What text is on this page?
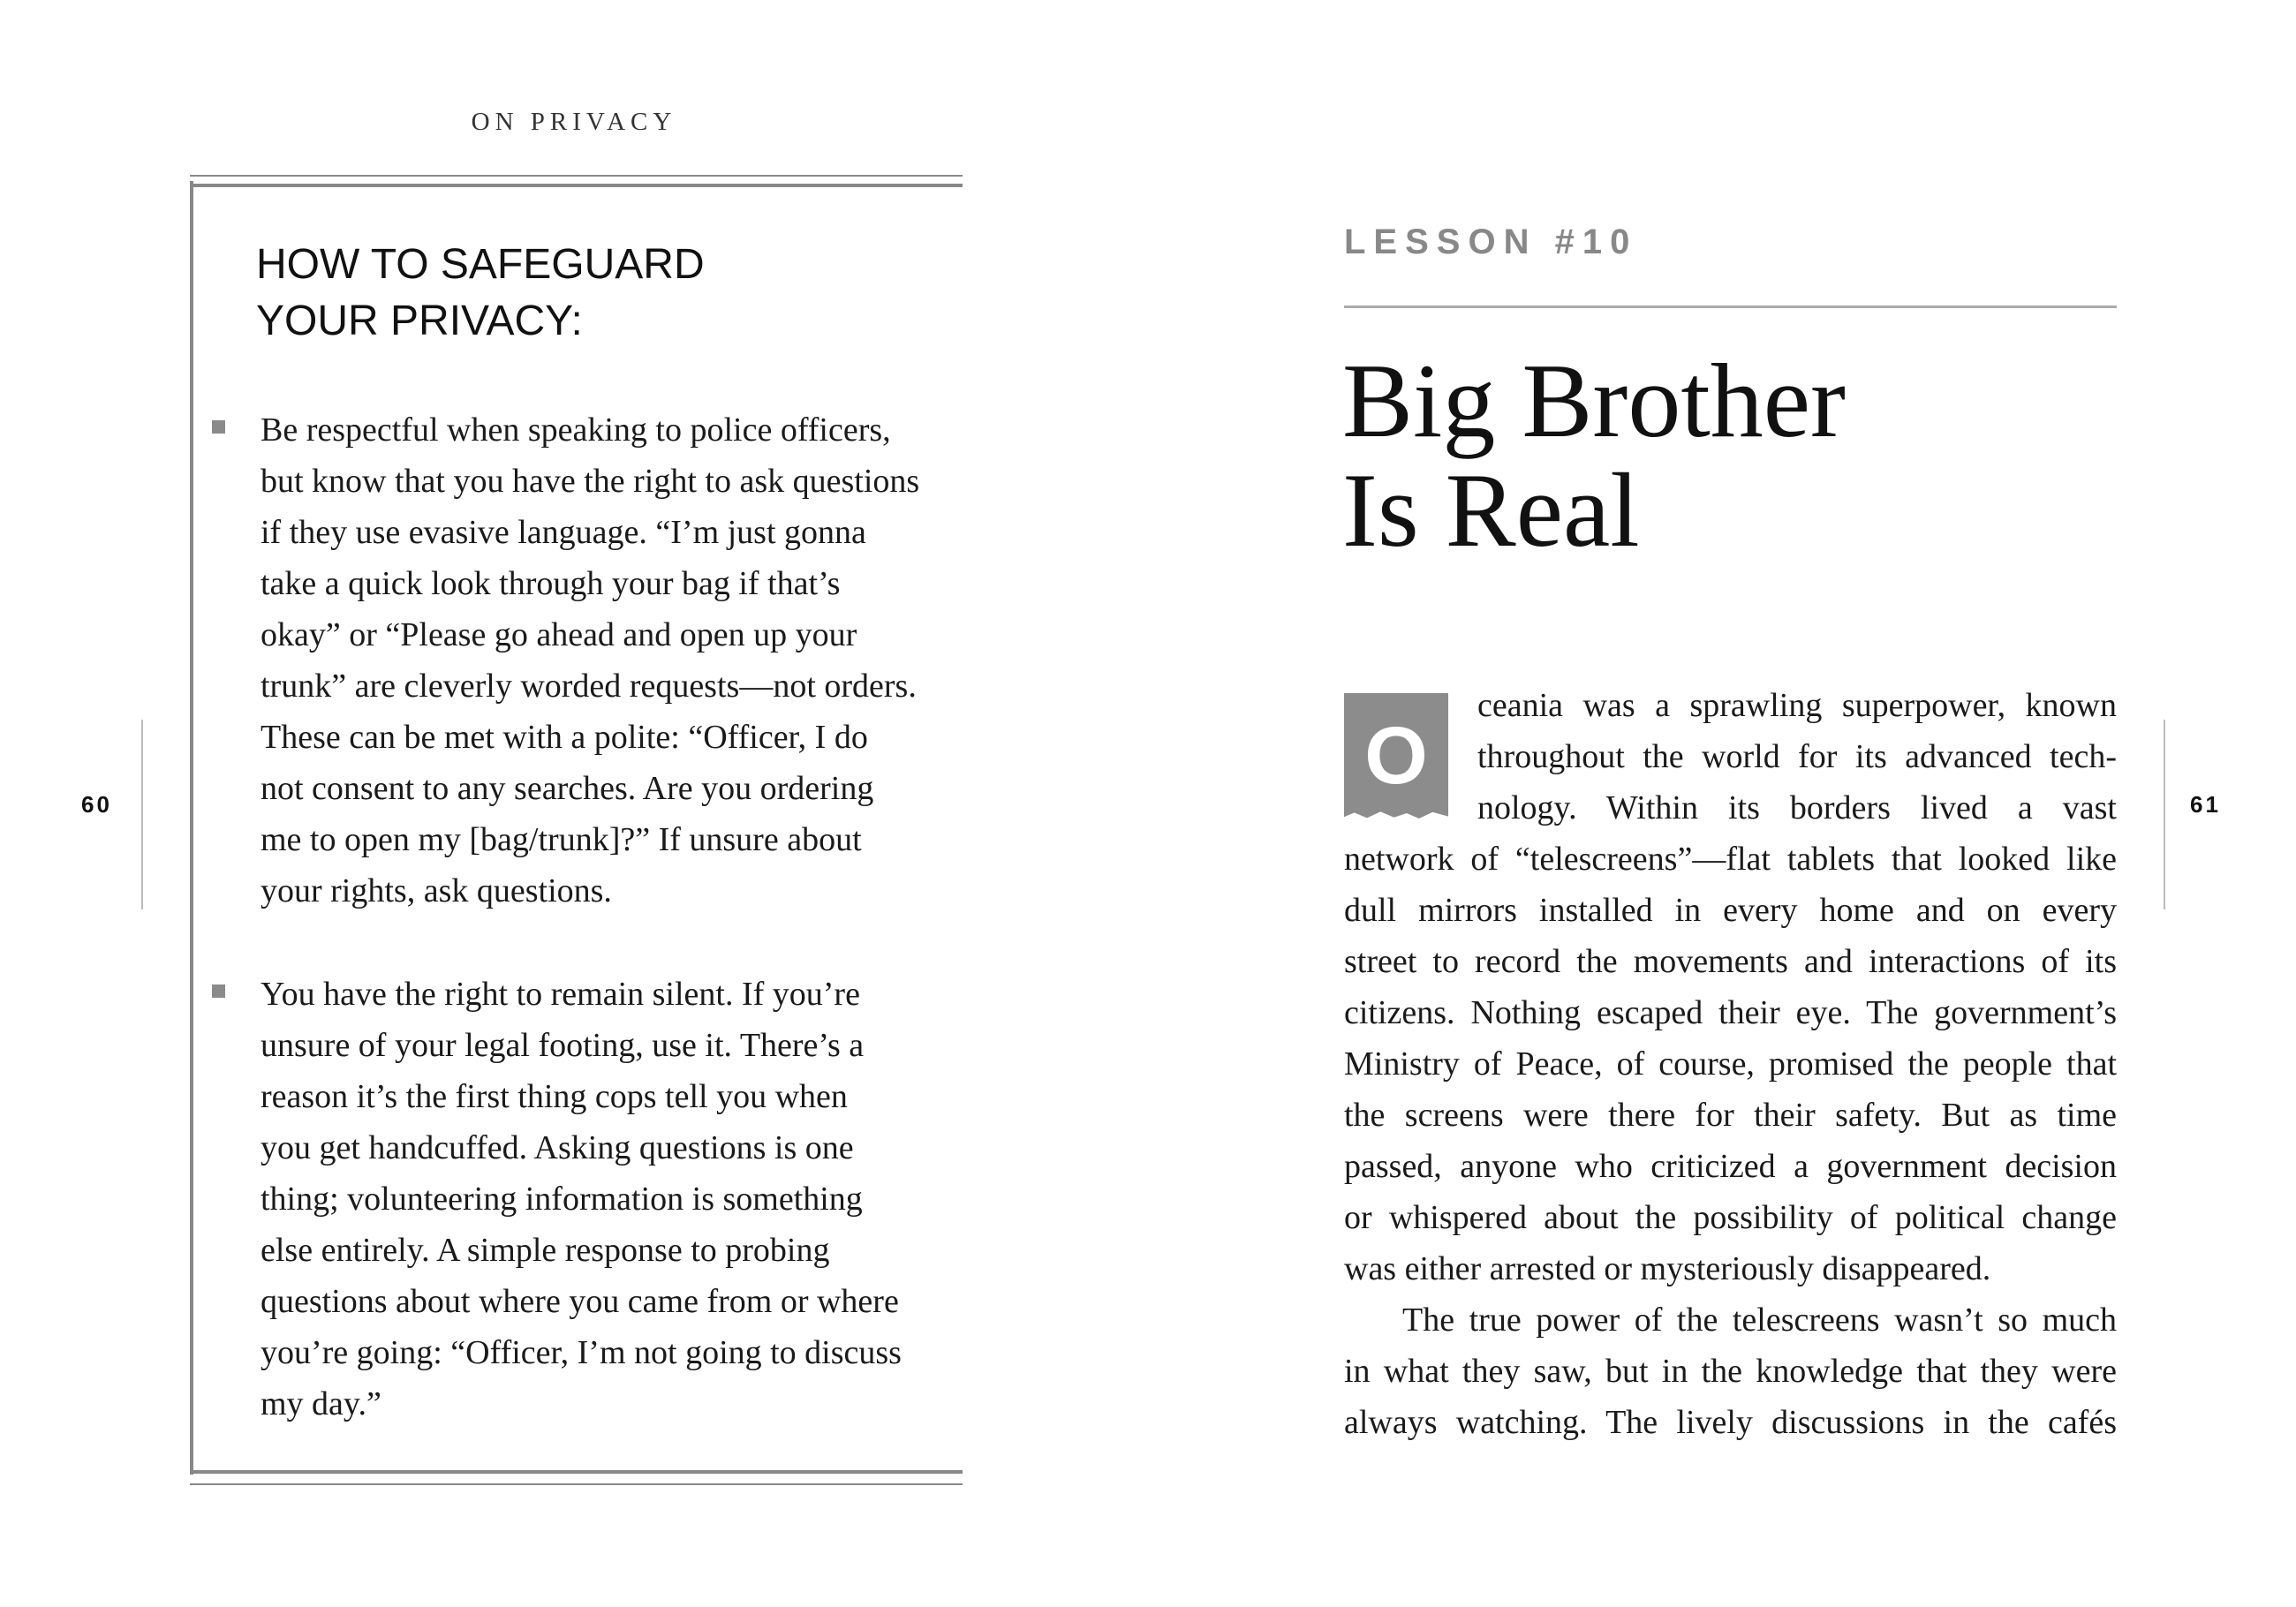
ON PRIVACY
HOW TO SAFEGUARD
YOUR PRIVACY:
Be respectful when speaking to police officers,
but know that you have the right to ask questions
if they use evasive language. “I’m just gonna
take a quick look through your bag if that’s
okay” or “Please go ahead and open up your
trunk” are cleverly worded requests—not orders.
These can be met with a polite: “Officer, I do
not consent to any searches. Are you ordering
me to open my [bag/trunk]?” If unsure about
your rights, ask questions.
You have the right to remain silent. If you’re
unsure of your legal footing, use it. There’s a
reason it’s the first thing cops tell you when
you get handcuffed. Asking questions is one
thing; volunteering information is something
else entirely. A simple response to probing
questions about where you came from or where
you’re going: “Officer, I’m not going to discuss
my day.”
60
LESSON #10
Big Brother
Is Real
O
ceania was a sprawling superpower, known
throughout the world for its advanced tech-
nology. Within its borders lived a vast
network of “telescreens”—flat tablets that looked like
dull mirrors installed in every home and on every
street to record the movements and interactions of its
citizens. Nothing escaped their eye. The government’s
Ministry of Peace, of course, promised the people that
the screens were there for their safety. But as time
passed, anyone who criticized a government decision
or whispered about the possibility of political change
was either arrested or mysteriously disappeared.
The true power of the telescreens wasn’t so much
in what they saw, but in the knowledge that they were
always watching. The lively discussions in the cafés
61
